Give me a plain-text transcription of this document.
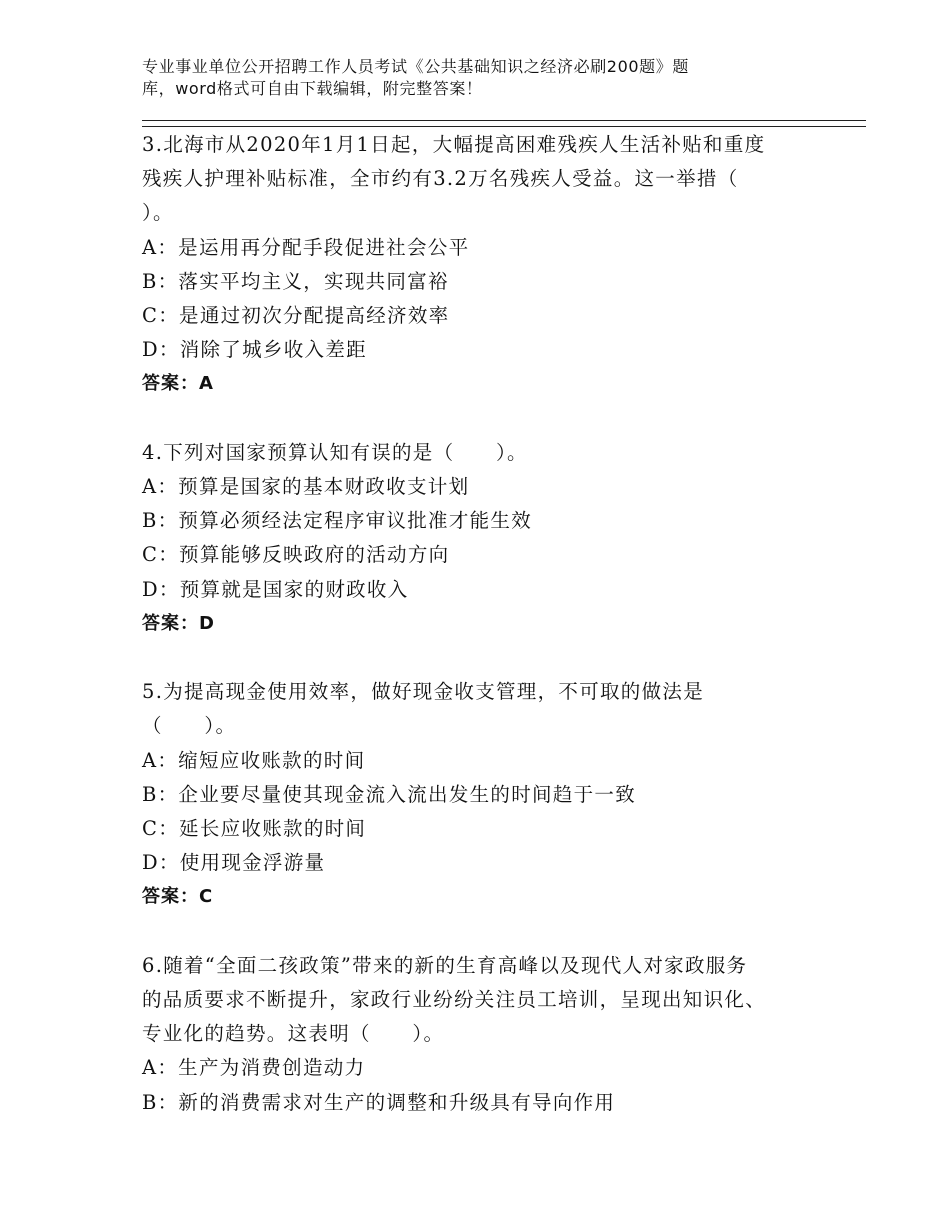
专业事业单位公开招聘工作人员考试《公共基础知识之经济必刷200题》题
库，word格式可自由下载编辑，附完整答案！
3.北海市从2020年1月1日起，大幅提高困难残疾人生活补贴和重度
残疾人护理补贴标准，全市约有3.2万名残疾人受益。这一举措（
）。
A：是运用再分配手段促进社会公平
B：落实平均主义，实现共同富裕
C：是通过初次分配提高经济效率
D：消除了城乡收入差距
答案：A
4.下列对国家预算认知有误的是（　　）。
A：预算是国家的基本财政收支计划
B：预算必须经法定程序审议批准才能生效
C：预算能够反映政府的活动方向
D：预算就是国家的财政收入
答案：D
5.为提高现金使用效率，做好现金收支管理，不可取的做法是
（　　）。
A：缩短应收账款的时间
B：企业要尽量使其现金流入流出发生的时间趋于一致
C：延长应收账款的时间
D：使用现金浮游量
答案：C
6.随着“全面二孩政策”带来的新的生育高峰以及现代人对家政服务
的品质要求不断提升，家政行业纷纷关注员工培训，呈现出知识化、
专业化的趋势。这表明（　　）。
A：生产为消费创造动力
B：新的消费需求对生产的调整和升级具有导向作用
